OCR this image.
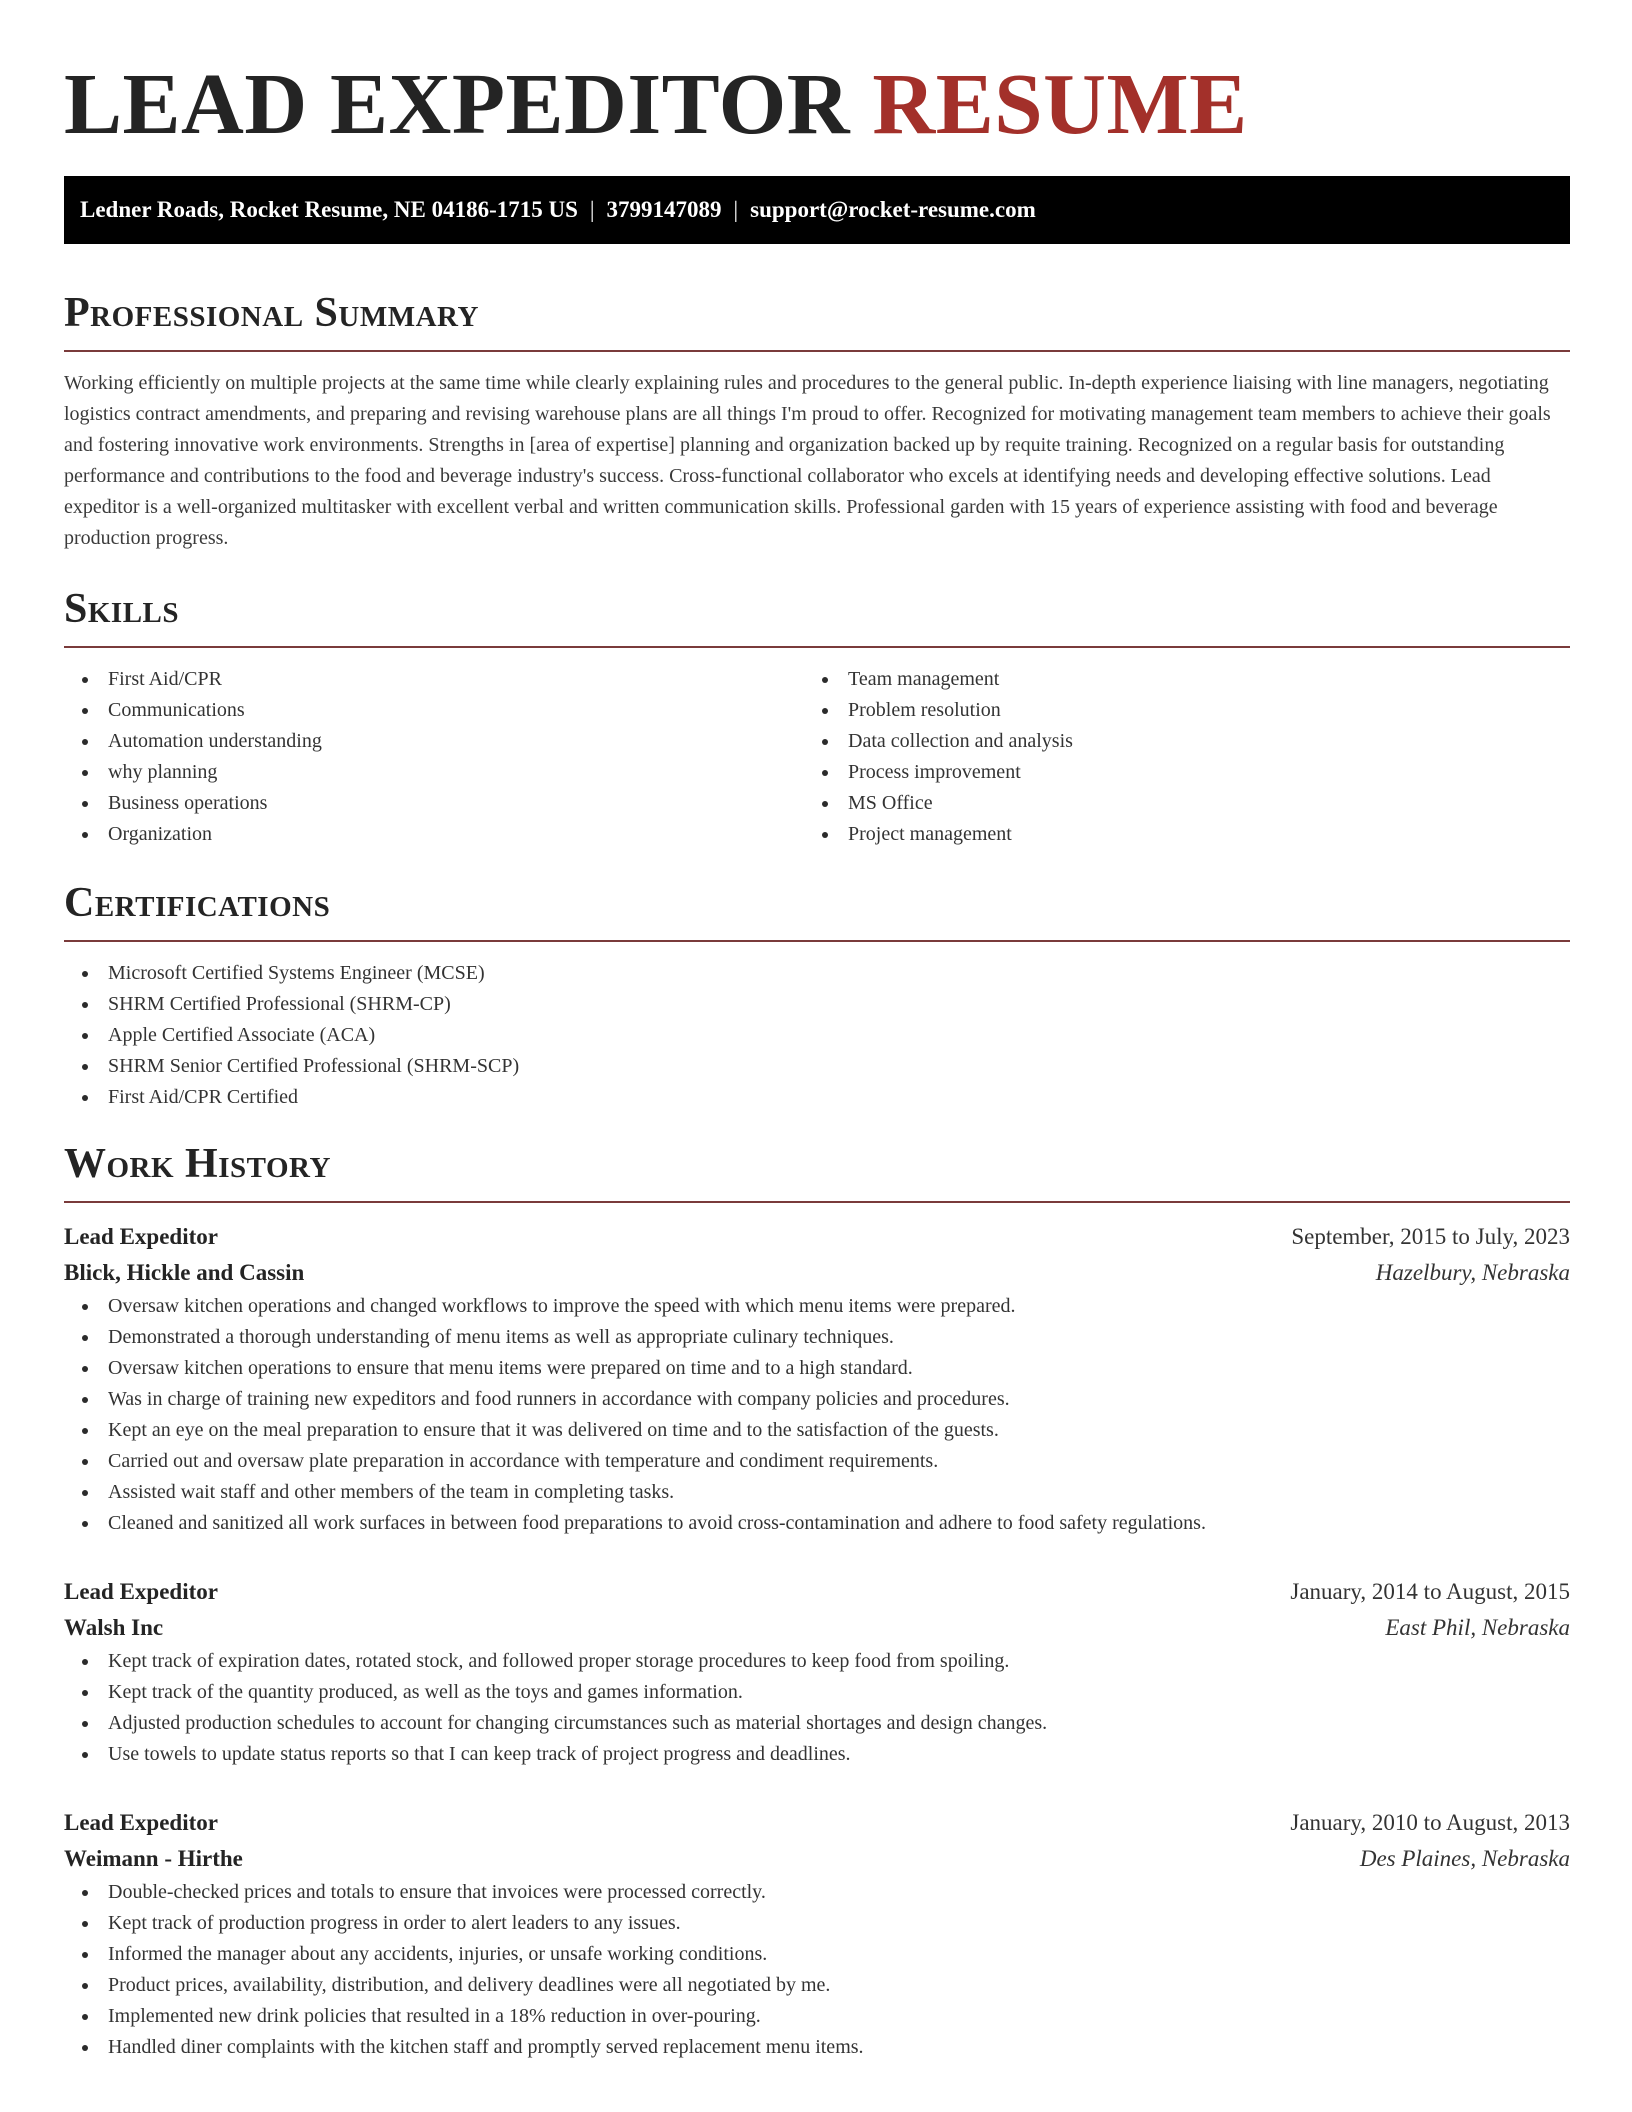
LEAD EXPEDITOR RESUME
Ledner Roads, Rocket Resume, NE 04186-1715 US | 3799147089 | support@rocket-resume.com
Professional Summary

Working efficiently on multiple projects at the same time while clearly explaining rules and procedures to the general public. In-depth experience liaising with line managers, negotiating logistics contract amendments, and preparing and revising warehouse plans are all things I'm proud to offer. Recognized for motivating management team members to achieve their goals and fostering innovative work environments. Strengths in [area of expertise] planning and organization backed up by requite training. Recognized on a regular basis for outstanding performance and contributions to the food and beverage industry's success. Cross-functional collaborator who excels at identifying needs and developing effective solutions. Lead expeditor is a well-organized multitasker with excellent verbal and written communication skills. Professional garden with 15 years of experience assisting with food and beverage production progress.

Skills
First Aid/CPR
Communications
Automation understanding
why planning
Business operations
Organization
Team management
Problem resolution
Data collection and analysis
Process improvement
MS Office
Project management
Certifications
Microsoft Certified Systems Engineer (MCSE)
SHRM Certified Professional (SHRM-CP)
Apple Certified Associate (ACA)
SHRM Senior Certified Professional (SHRM-SCP)
First Aid/CPR Certified
Work History
Lead Expeditor	September, 2015 to July, 2023
Blick, Hickle and Cassin	Hazelbury, Nebraska
Oversaw kitchen operations and changed workflows to improve the speed with which menu items were prepared.
Demonstrated a thorough understanding of menu items as well as appropriate culinary techniques.
Oversaw kitchen operations to ensure that menu items were prepared on time and to a high standard.
Was in charge of training new expeditors and food runners in accordance with company policies and procedures.
Kept an eye on the meal preparation to ensure that it was delivered on time and to the satisfaction of the guests.
Carried out and oversaw plate preparation in accordance with temperature and condiment requirements.
Assisted wait staff and other members of the team in completing tasks.
Cleaned and sanitized all work surfaces in between food preparations to avoid cross-contamination and adhere to food safety regulations.
Lead Expeditor	January, 2014 to August, 2015
Walsh Inc	East Phil, Nebraska
Kept track of expiration dates, rotated stock, and followed proper storage procedures to keep food from spoiling.
Kept track of the quantity produced, as well as the toys and games information.
Adjusted production schedules to account for changing circumstances such as material shortages and design changes.
Use towels to update status reports so that I can keep track of project progress and deadlines.
Lead Expeditor	January, 2010 to August, 2013
Weimann - Hirthe	Des Plaines, Nebraska
Double-checked prices and totals to ensure that invoices were processed correctly.
Kept track of production progress in order to alert leaders to any issues.
Informed the manager about any accidents, injuries, or unsafe working conditions.
Product prices, availability, distribution, and delivery deadlines were all negotiated by me.
Implemented new drink policies that resulted in a 18% reduction in over-pouring.
Handled diner complaints with the kitchen staff and promptly served replacement menu items.
